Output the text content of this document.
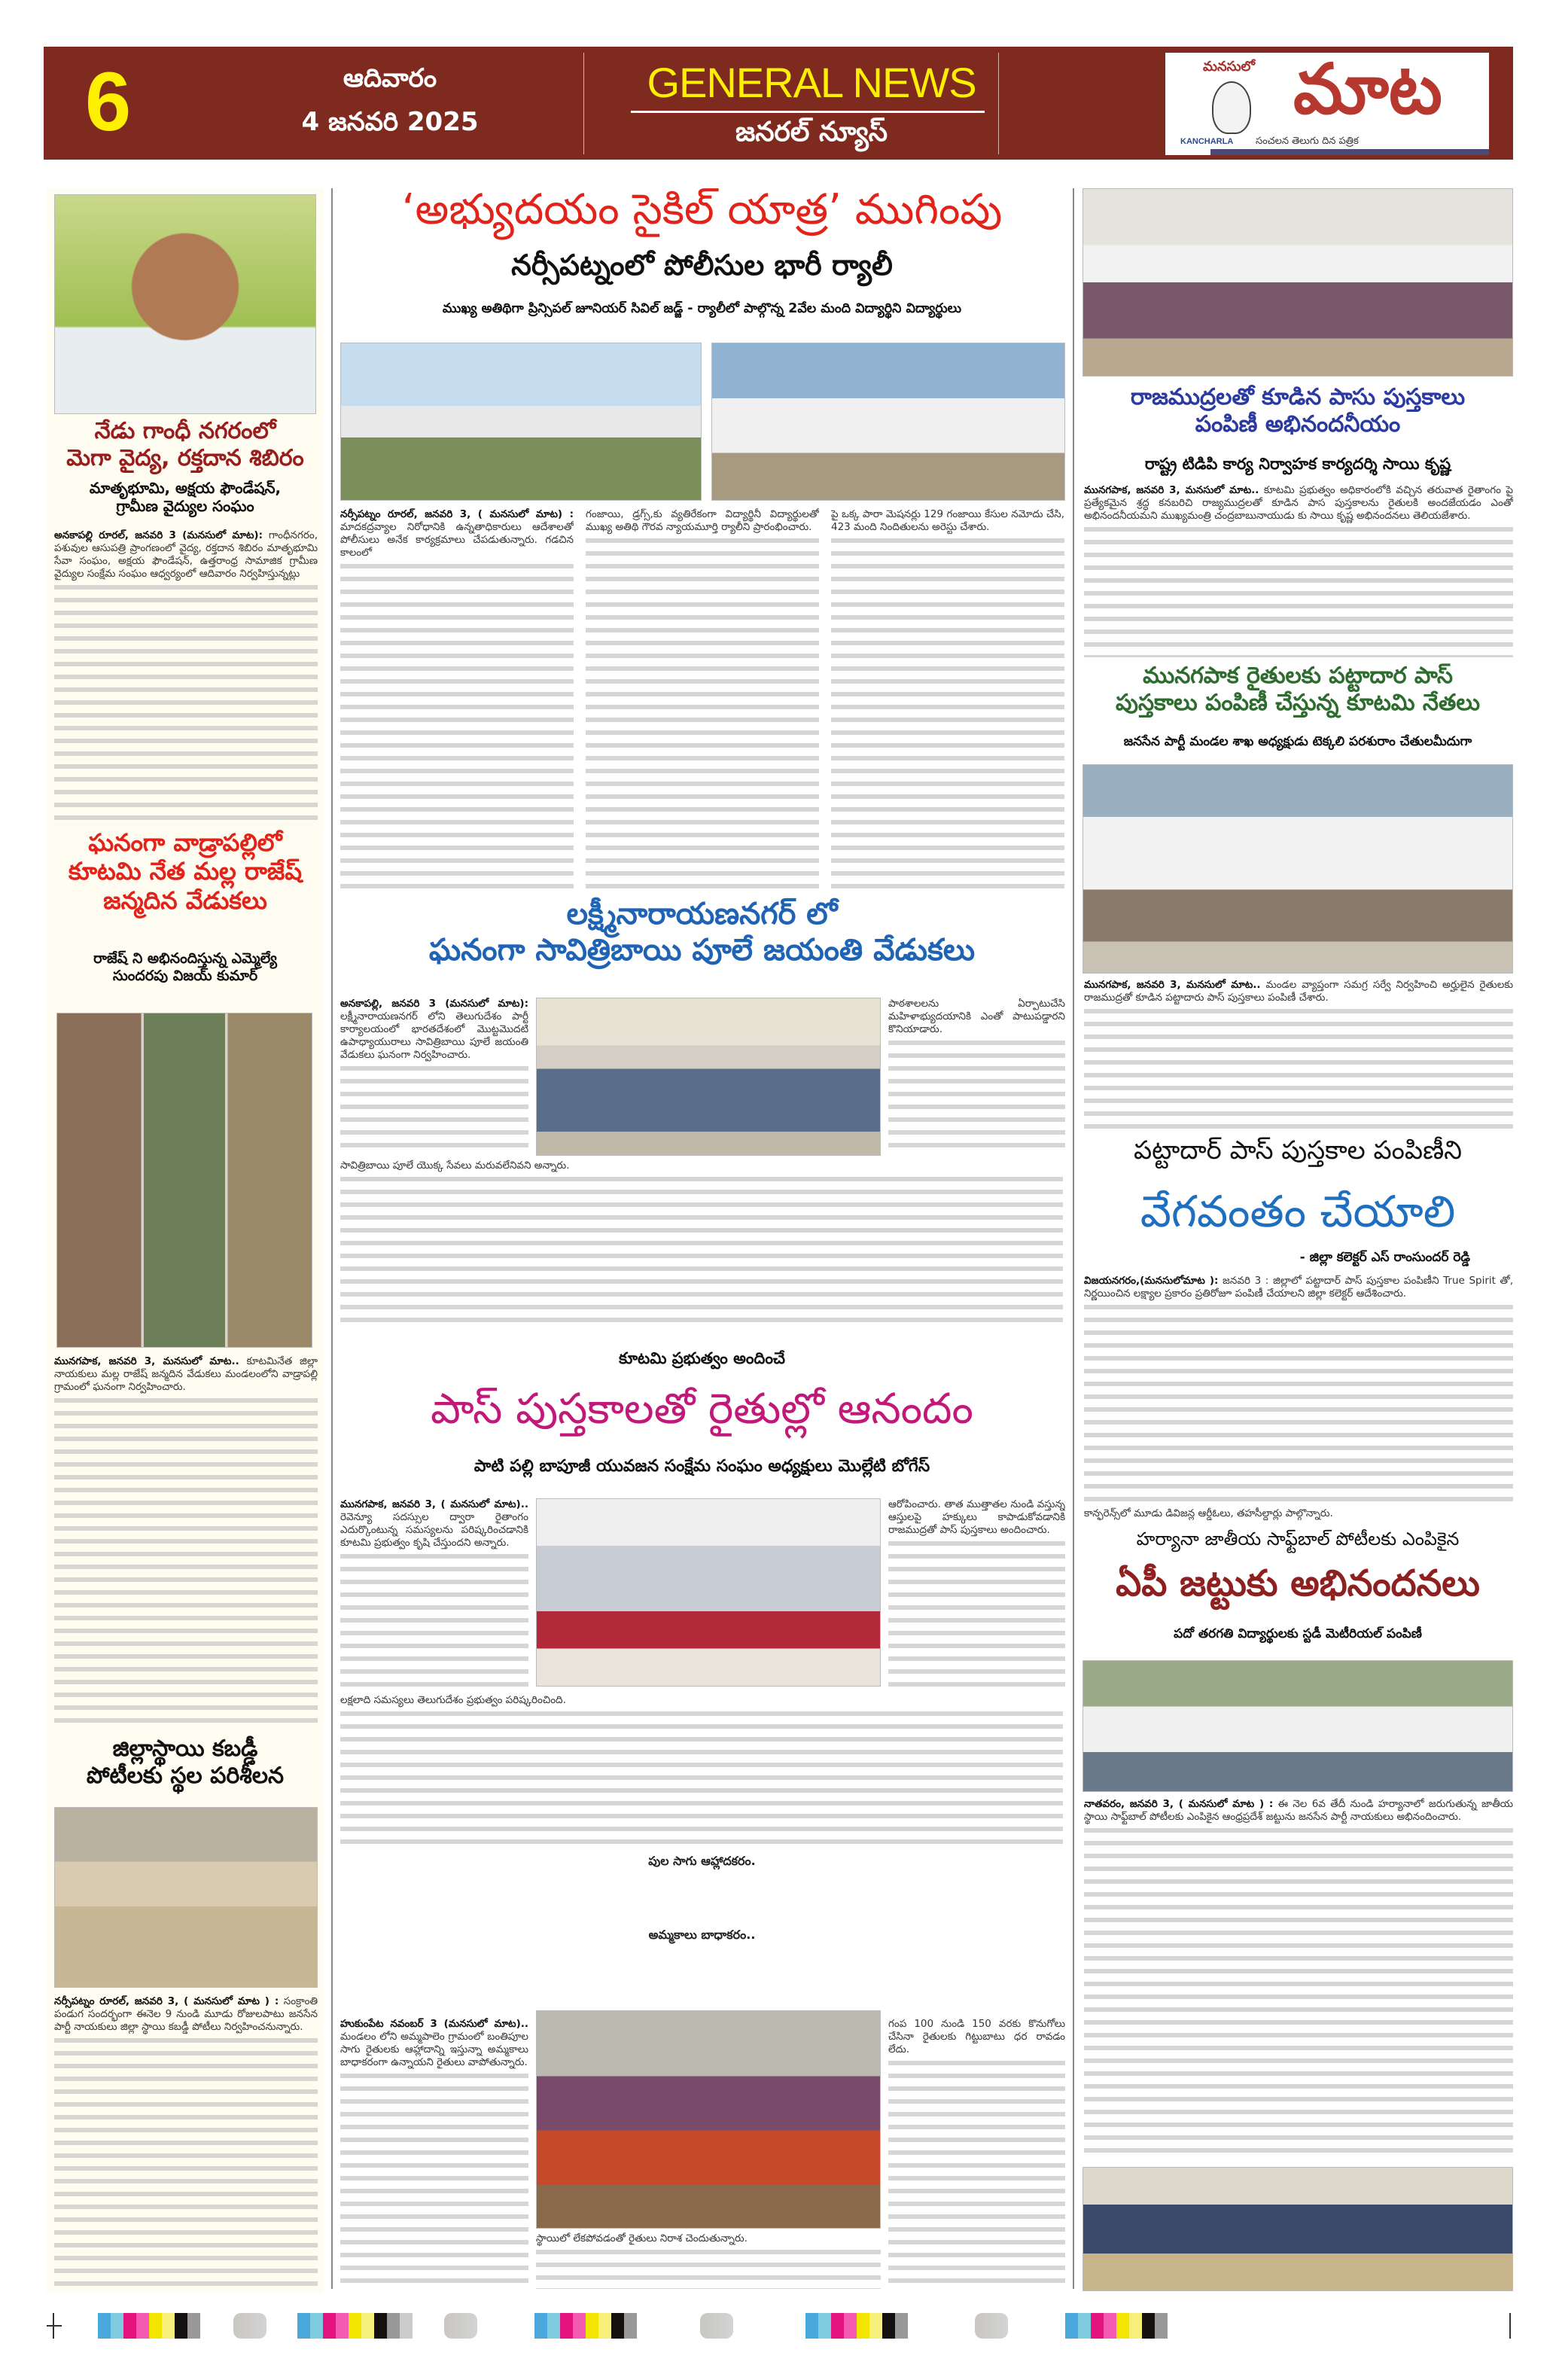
6	ఆదివారం
4 జనవరి 2025
GENERAL NEWS
జనరల్ న్యూస్
మనసులో మాట
KANCHARLA సంచలన తెలుగు దిన పత్రిక
నేడు గాంధీ నగరంలో
మెగా వైద్య, రక్తదాన శిబిరం
మాతృభూమి, అక్షయ ఫౌండేషన్,
గ్రామీణ వైద్యుల సంఘం

అనకాపల్లి రూరల్, జనవరి 3 (మనసులో మాట): గాంధీనగరం, పశువుల ఆసుపత్రి ప్రాంగణంలో వైద్య, రక్తదాన శిబిరం మాతృభూమి సేవా సంఘం, అక్షయ ఫౌండేషన్, ఉత్తరాంధ్ర సామాజిక గ్రామీణ వైద్యుల సంక్షేమ సంఘం ఆధ్వర్యంలో ఆదివారం నిర్వహిస్తున్నట్లు

ఘనంగా వాడ్రాపల్లిలో
కూటమి నేత మల్ల రాజేష్
జన్మదిన వేడుకలు
రాజేష్ ని అభినందిస్తున్న ఎమ్మెల్యే
సుందరపు విజయ్ కుమార్

మునగపాక, జనవరి 3, మనసులో మాట.. కూటమినేత జిల్లా నాయకులు మల్ల రాజేష్ జన్మదిన వేడుకలు మండలంలోని వాడ్రాపల్లి గ్రామంలో ఘనంగా నిర్వహించారు.

జిల్లాస్థాయి కబడ్డీ
పోటీలకు స్థల పరిశీలన

నర్సీపట్నం రూరల్, జనవరి 3, ( మనసులో మాట ) : సంక్రాంతి పండుగ సందర్భంగా ఈనెల 9 నుండి మూడు రోజులపాటు జనసేన పార్టీ నాయకులు జిల్లా స్థాయి కబడ్డీ పోటీలు నిర్వహించనున్నారు.

‘అభ్యుదయం సైకిల్ యాత్ర’ ముగింపు
నర్సీపట్నంలో పోలీసుల భారీ ర్యాలీ
ముఖ్య అతిథిగా ప్రిన్సిపల్ జూనియర్ సివిల్ జడ్జ్ - ర్యాలీలో పాల్గొన్న 2వేల మంది విద్యార్థిని విద్యార్థులు

నర్సీపట్నం రూరల్, జనవరి 3, ( మనసులో మాట) : మాదకద్రవ్యాల నిరోధానికి ఉన్నతాధికారులు ఆదేశాలతో పోలీసులు అనేక కార్యక్రమాలు చేపడుతున్నారు. గడచిన కాలంలో

గంజాయి, డ్రగ్స్,కు వ్యతిరేకంగా విద్యార్థినీ విద్యార్థులతో ముఖ్య అతిథి గౌరవ న్యాయమూర్తి ర్యాలీని ప్రారంభించారు.

పై ఒక్క పారా మెషనర్లు 129 గంజాయి కేసుల నమోదు చేసి, 423 మంది నిందితులను అరెస్టు చేశారు.

లక్ష్మీనారాయణనగర్ లో
ఘనంగా సావిత్రిబాయి పూలే జయంతి వేడుకలు

అనకాపల్లి, జనవరి 3 (మనసులో మాట): లక్ష్మీనారాయణనగర్ లోని తెలుగుదేశం పార్టీ కార్యాలయంలో భారతదేశంలో మొట్టమొదటి ఉపాధ్యాయురాలు సావిత్రిబాయి పూలే జయంతి వేడుకలు ఘనంగా నిర్వహించారు.

పాఠశాలలను ఏర్పాటుచేసి మహిళాభ్యుదయానికి ఎంతో పాటుపడ్డారని కొనియాడారు.

సావిత్రిబాయి పూలే యొక్క సేవలు మరువలేనివని అన్నారు.

కూటమి ప్రభుత్వం అందించే
పాస్ పుస్తకాలతో రైతుల్లో ఆనందం
పాటి పల్లి బాపూజీ యువజన సంక్షేమ సంఘం అధ్యక్షులు మొల్లేటి బోగేస్

మునగపాక, జనవరి 3, ( మనసులో మాట).. రెవెన్యూ సదస్సుల ద్వారా రైతాంగం ఎదుర్కొంటున్న సమస్యలను పరిష్కరించడానికి కూటమి ప్రభుత్వం కృషి చేస్తుందని అన్నారు.

ఆరోపించారు. తాత ముత్తాతల నుండి వస్తున్న ఆస్తులపై హక్కులు కాపాడుకోవడానికి రాజముద్రతో పాస్ పుస్తకాలు అందించారు.

లక్షలాది సమస్యలు తెలుగుదేశం ప్రభుత్వం పరిష్కరించింది.

పుల సాగు ఆహ్లాదకరం.
అమ్మకాలు బాధాకరం..

హుకుంపేట నవంబర్ 3 (మనసులో మాట).. మండలం లోని అమ్మపాలెం గ్రామంలో బంతిపూల సాగు రైతులకు ఆహ్లాదాన్ని ఇస్తున్నా అమ్మకాలు బాధాకరంగా ఉన్నాయని రైతులు వాపోతున్నారు.

స్థాయిలో లేకపోవడంతో రైతులు నిరాశ చెందుతున్నారు.

గంప 100 నుండి 150 వరకు కొనుగోలు చేసినా రైతులకు గిట్టుబాటు ధర రావడం లేదు.

రాజముద్రలతో కూడిన పాసు పుస్తకాలు
పంపిణీ అభినందనీయం
రాష్ట్ర టిడిపి కార్య నిర్వాహక కార్యదర్శి సాయి కృష్ణ

మునగపాక, జనవరి 3, మనసులో మాట.. కూటమి ప్రభుత్వం అధికారంలోకి వచ్చిన తరువాత రైతాంగం పై ప్రత్యేకమైన శ్రద్ధ కనబరిచి రాజ్యముద్రలతో కూడిన పాస పుస్తకాలను రైతులకి అందజేయడం ఎంతో అభినందనీయమని ముఖ్యమంత్రి చంద్రబాబునాయుడు కు సాయి కృష్ణ అభినందనలు తెలియజేశారు.

మునగపాక రైతులకు పట్టాదార పాస్
పుస్తకాలు పంపిణీ చేస్తున్న కూటమి నేతలు
జనసేన పార్టీ మండల శాఖ అధ్యక్షుడు టెక్కలి పరశురాం చేతులమీదుగా

మునగపాక, జనవరి 3, మనసులో మాట.. మండల వ్యాప్తంగా సమగ్ర సర్వే నిర్వహించి అర్హులైన రైతులకు రాజముద్రతో కూడిన పట్టాదారు పాస్ పుస్తకాలు పంపిణీ చేశారు.

పట్టాదార్ పాస్ పుస్తకాల పంపిణీని
వేగవంతం చేయాలి
- జిల్లా కలెక్టర్ ఎస్ రాంసుందర్ రెడ్డి

విజయనగరం,(మనసులోమాట ): జనవరి 3 : జిల్లాలో పట్టాదార్ పాస్ పుస్తకాల పంపిణీని True Spirit తో, నిర్ణయించిన లక్ష్యాల ప్రకారం ప్రతిరోజూ పంపిణీ చేయాలని జిల్లా కలెక్టర్ ఆదేశించారు.

కాన్ఫరెన్స్‌లో మూడు డివిజన్ల ఆర్డీఓలు, తహసీల్దార్లు పాల్గొన్నారు.

హర్యానా జాతీయ సాఫ్ట్‌బాల్ పోటీలకు ఎంపికైన
ఏపీ జట్టుకు అభినందనలు
పదో తరగతి విద్యార్థులకు స్టడీ మెటీరియల్ పంపిణీ

నాతవరం, జనవరి 3, ( మనసులో మాట ) : ఈ నెల 6వ తేదీ నుండి హర్యానాలో జరుగుతున్న జాతీయ స్థాయి సాఫ్ట్‌బాల్ పోటీలకు ఎంపికైన ఆంధ్రప్రదేశ్ జట్టును జనసేన పార్టీ నాయకులు అభినందించారు.
